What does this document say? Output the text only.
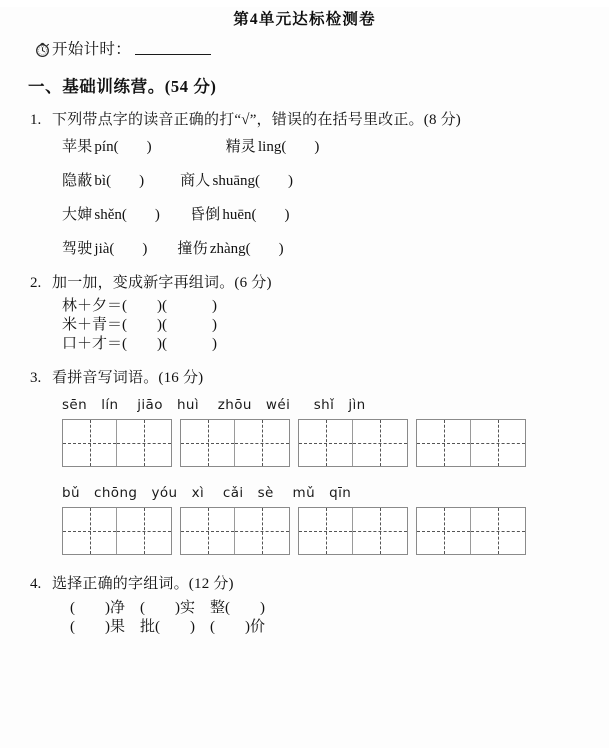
第4单元达标检测卷
开始计时：
一、基础训练营。(54 分)
1. 下列带点字的读音正确的打“√”，错误的在括号里改正。(8 分)
苹果 pín( )	精灵 ling( )
隐蔽 bì( ) 商人 shuāng( )
大婶 shěn( ) 昏倒 huēn( )
驾驶 jià( ) 撞伤 zhàng( )
2. 加一加，变成新字再组词。(6 分)
林＋夕＝(　　)(　　　)
米＋青＝(　　)(　　　)
口＋才＝(　　)(　　　)
3. 看拼音写词语。(16 分)
sēn lín jiāo huì zhōu wéi shǐ jìn
bǔ chōng yóu xì cǎi sè mǔ qīn
4. 选择正确的字组词。(12 分)
(　　)净　(　　)实　整(　　)
(　　)果　批(　　)　(　　)价
